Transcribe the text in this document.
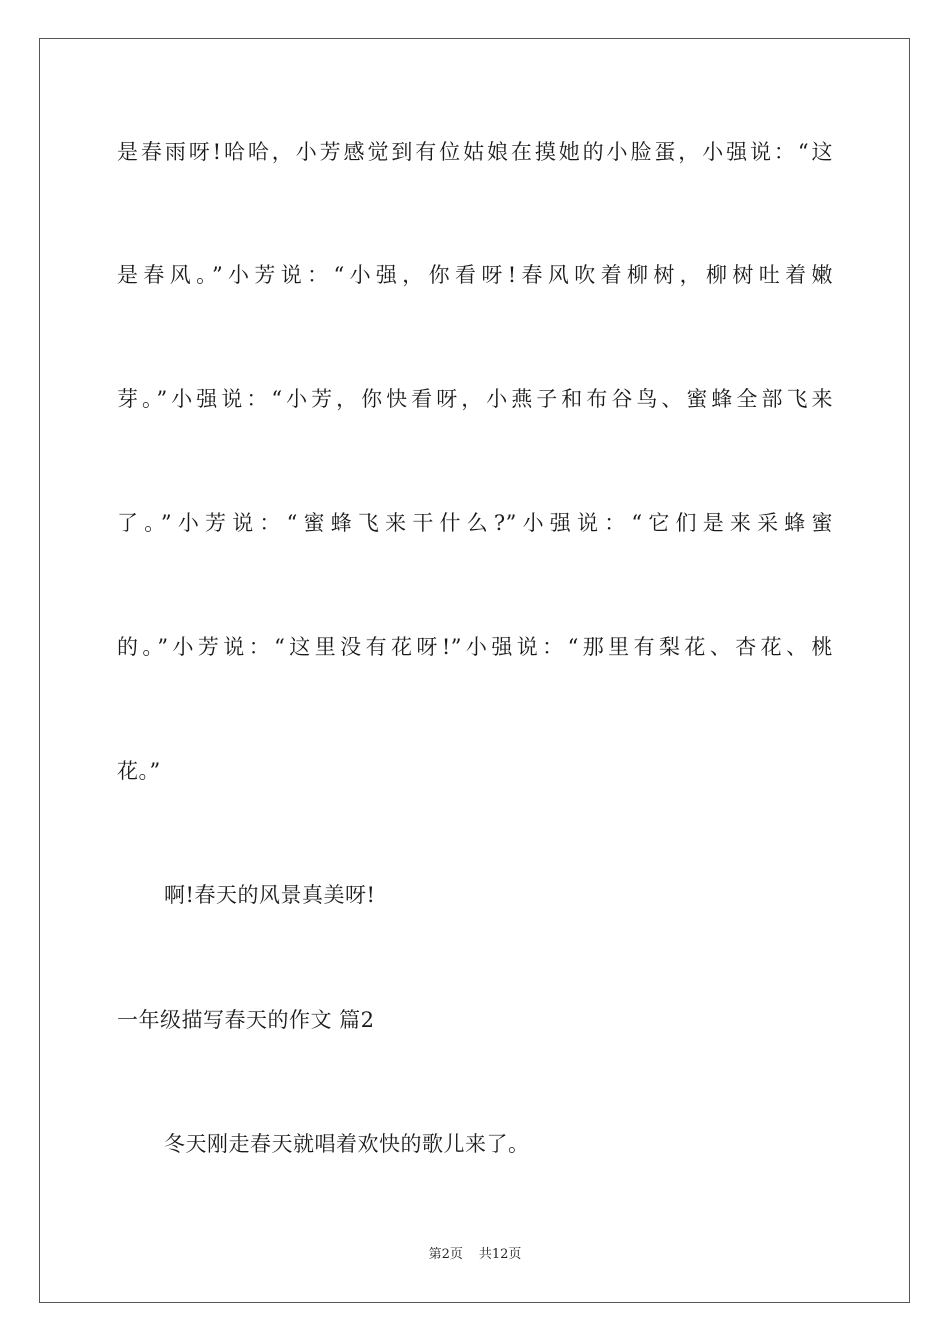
是春雨呀!哈哈，小芳感觉到有位姑娘在摸她的小脸蛋，小强说：“这
是春风。”小芳说：“小强，你看呀!春风吹着柳树，柳树吐着嫩
芽。”小强说：“小芳，你快看呀，小燕子和布谷鸟、蜜蜂全部飞来
了。”小芳说：“蜜蜂飞来干什么?”小强说：“它们是来采蜂蜜
的。”小芳说：“这里没有花呀!”小强说：“那里有梨花、杏花、桃
花。”
啊!春天的风景真美呀!
一年级描写春天的作文 篇2
冬天刚走春天就唱着欢快的歌儿来了。
第2页 共12页
